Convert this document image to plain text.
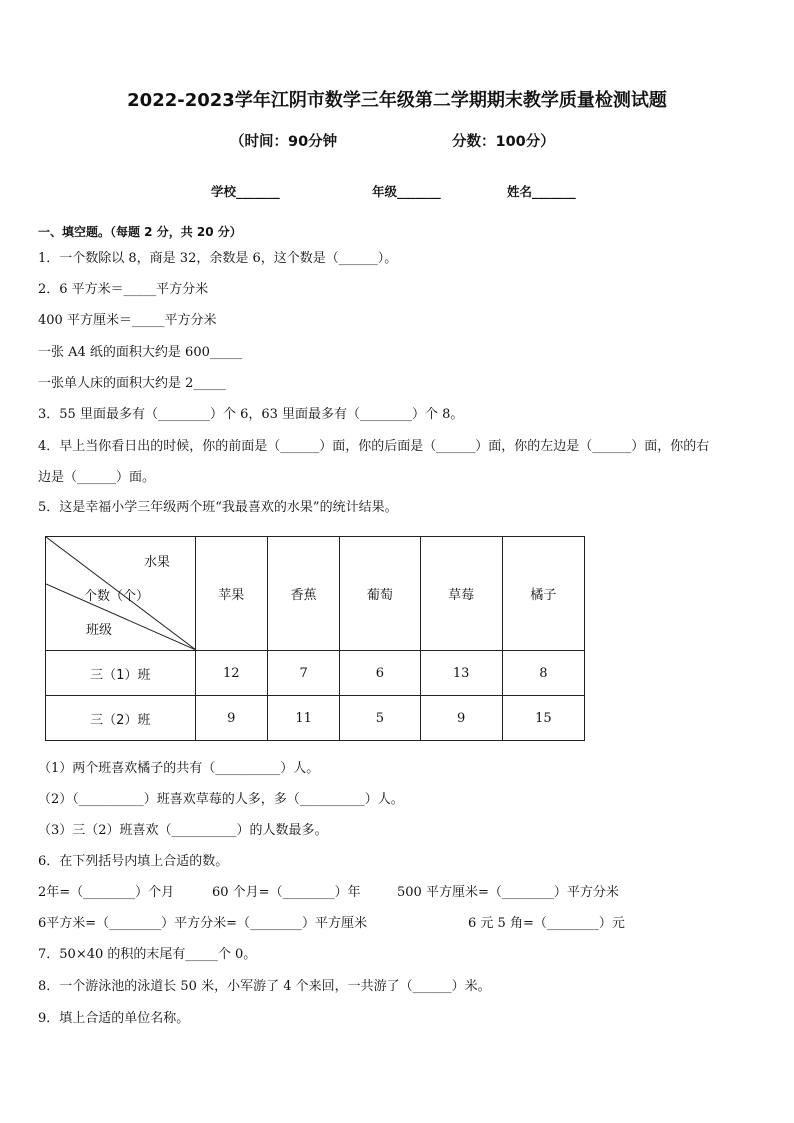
2022-2023学年江阴市数学三年级第二学期期末教学质量检测试题
（时间：90分钟	分数：100分）
学校_______	年级_______	姓名_______
一、填空题。（每题 2 分，共 20 分）
1．一个数除以 8，商是 32，余数是 6，这个数是（______）。
2．6 平方米＝_____平方分米
400 平方厘米＝_____平方分米
一张 A4 纸的面积大约是 600_____
一张单人床的面积大约是 2_____
3．55 里面最多有（________）个 6，63 里面最多有（________）个 8。
4．早上当你看日出的时候，你的前面是（______）面，你的后面是（______）面，你的左边是（______）面，你的右
边是（______）面。
5．这是幸福小学三年级两个班“我最喜欢的水果”的统计结果。
水果
个数（个）
班级	苹果	香蕉	葡萄	草莓	橘子
三（1）班	12	7	6	13	8
三（2）班	9	11	5	9	15
（1）两个班喜欢橘子的共有（__________）人。
（2）（__________）班喜欢草莓的人多，多（__________）人。
（3）三（2）班喜欢（__________）的人数最多。
6．在下列括号内填上合适的数。
2年=（________）个月	60 个月=（________）年	500 平方厘米=（________）平方分米
6平方米=（________）平方分米=（________）平方厘米	6 元 5 角=（________）元
7．50×40 的积的末尾有_____个 0。
8．一个游泳池的泳道长 50 米，小军游了 4 个来回，一共游了（______）米。
9．填上合适的单位名称。
